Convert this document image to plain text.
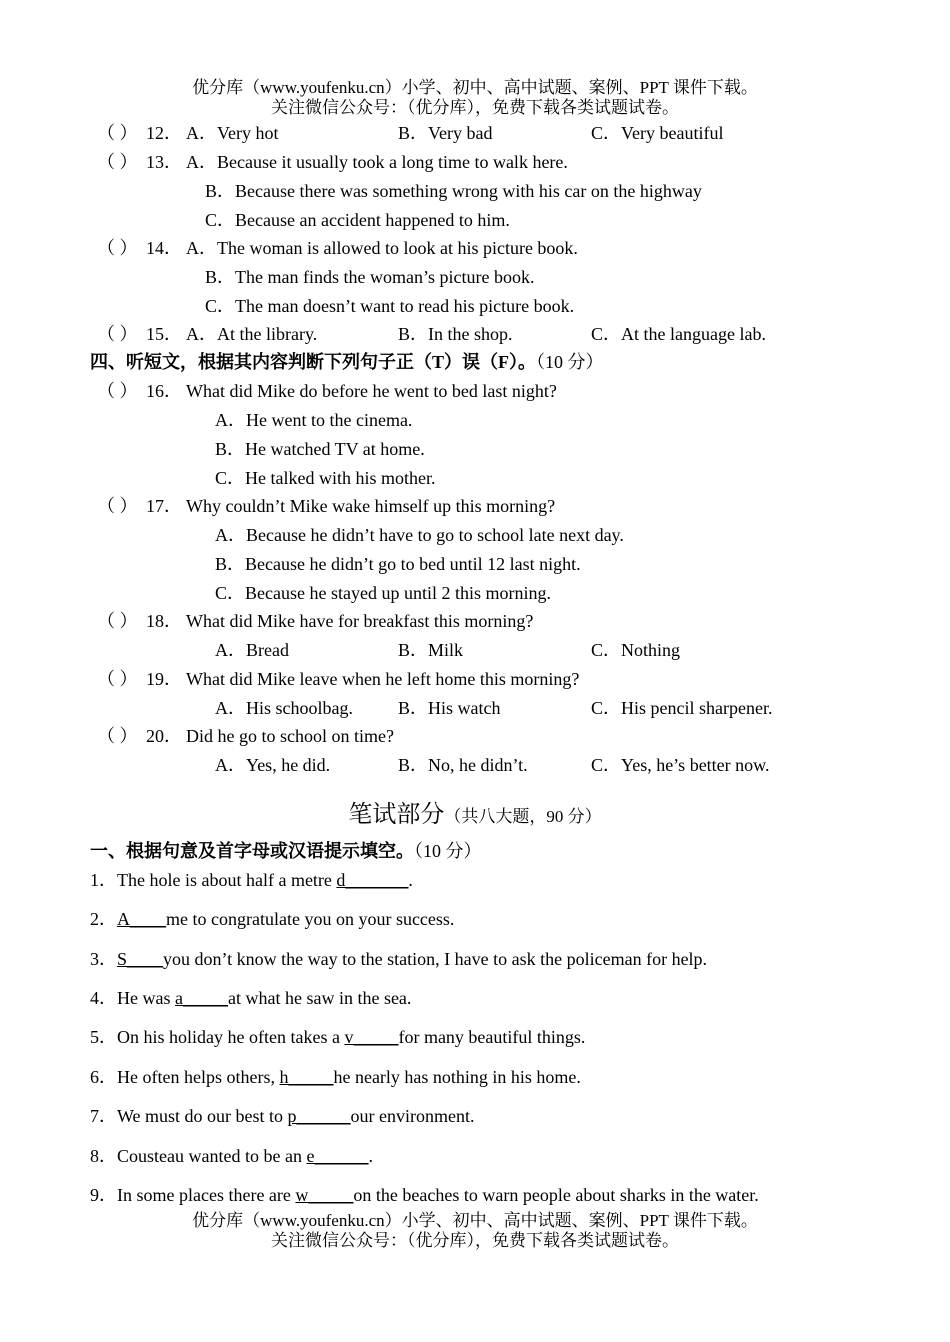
优分库（www.youfenku.cn）小学、初中、高中试题、案例、PPT 课件下载。
关注微信公众号：（优分库），免费下载各类试题试卷。
（ ） 12． A．Very hot	B．Very bad	C．Very beautiful
（ ） 13． A．Because it usually took a long time to walk here.
B．Because there was something wrong with his car on the highway
C．Because an accident happened to him.
（ ） 14． A．The woman is allowed to look at his picture book.
B．The man finds the woman’s picture book.
C．The man doesn’t want to read his picture book.
（ ） 15． A．At the library.	B．In the shop.	C．At the language lab.
四、听短文，根据其内容判断下列句子正（T）误（F）。（10 分）
（ ） 16． What did Mike do before he went to bed last night?
A．He went to the cinema.
B．He watched TV at home.
C．He talked with his mother.
（ ） 17． Why couldn’t Mike wake himself up this morning?
A．Because he didn’t have to go to school late next day.
B．Because he didn’t go to bed until 12 last night.
C．Because he stayed up until 2 this morning.
（ ） 18． What did Mike have for breakfast this morning?
A．Bread	B．Milk	C．Nothing
（ ） 19． What did Mike leave when he left home this morning?
A．His schoolbag.	B．His watch	C．His pencil sharpener.
（ ） 20． Did he go to school on time?
A．Yes, he did.	B．No, he didn’t.	C．Yes, he’s better now.
笔试部分（共八大题，90 分）
一、根据句意及首字母或汉语提示填空。（10 分）
1．The hole is about half a metre d_______.
2．A____me to congratulate you on your success.
3．S____you don’t know the way to the station, I have to ask the policeman for help.
4．He was a_____at what he saw in the sea.
5．On his holiday he often takes a v_____for many beautiful things.
6．He often helps others, h_____he nearly has nothing in his home.
7．We must do our best to p______our environment.
8．Cousteau wanted to be an e______.
9．In some places there are w_____on the beaches to warn people about sharks in the water.
优分库（www.youfenku.cn）小学、初中、高中试题、案例、PPT 课件下载。
关注微信公众号：（优分库），免费下载各类试题试卷。
